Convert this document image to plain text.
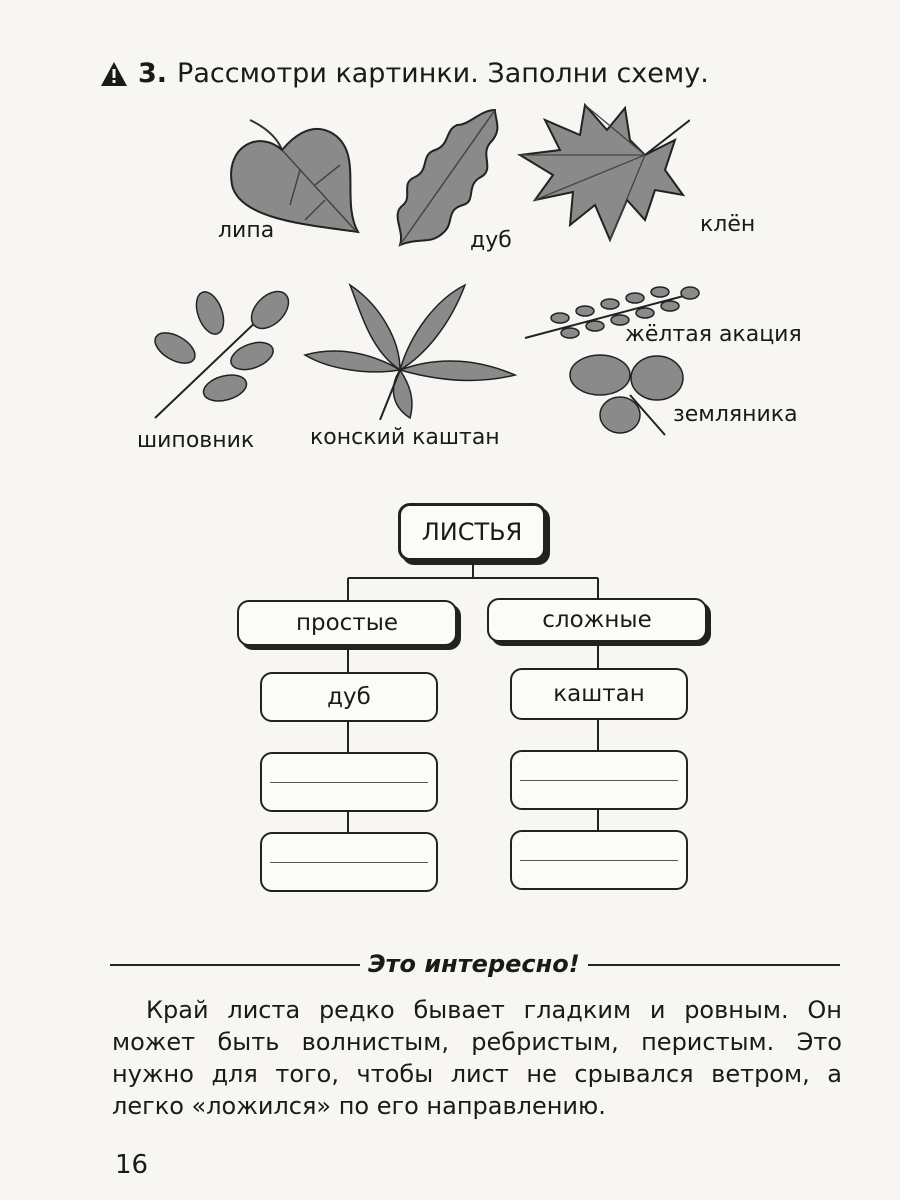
3. Рассмотри картинки. Заполни схему.
липа	дуб
клён
жёлтая акация
шиповник	конский каштан
земляника
ЛИСТЬЯ
простые	сложные
дуб	каштан
Это интересно!

Край листа редко бывает гладким и ровным. Он может быть волнистым, ребристым, перистым. Это нужно для того, чтобы лист не срывался ветром, а легко «ложился» по его направлению.

16
